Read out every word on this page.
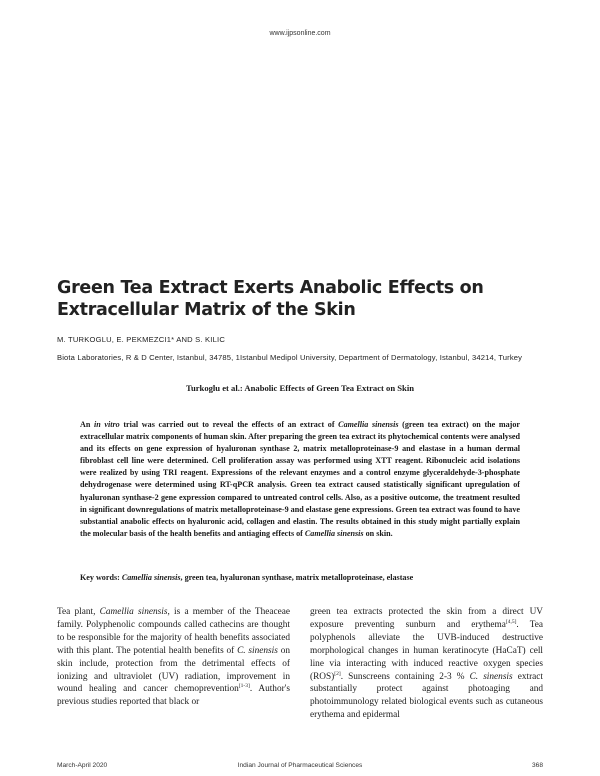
www.ijpsonline.com
Green Tea Extract Exerts Anabolic Effects on Extracellular Matrix of the Skin
M. TURKOGLU, E. PEKMEZCI1* AND S. KILIC
Biota Laboratories, R & D Center, Istanbul, 34785, 1Istanbul Medipol University, Department of Dermatology, Istanbul, 34214, Turkey
Turkoglu et al.: Anabolic Effects of Green Tea Extract on Skin
An in vitro trial was carried out to reveal the effects of an extract of Camellia sinensis (green tea extract) on the major extracellular matrix components of human skin. After preparing the green tea extract its phytochemical contents were analysed and its effects on gene expression of hyaluronan synthase 2, matrix metalloproteinase-9 and elastase in a human dermal fibroblast cell line were determined. Cell proliferation assay was performed using XTT reagent. Ribonucleic acid isolations were realized by using TRI reagent. Expressions of the relevant enzymes and a control enzyme glyceraldehyde-3-phosphate dehydrogenase were determined using RT-qPCR analysis. Green tea extract caused statistically significant upregulation of hyaluronan synthase-2 gene expression compared to untreated control cells. Also, as a positive outcome, the treatment resulted in significant downregulations of matrix metalloproteinase-9 and elastase gene expressions. Green tea extract was found to have substantial anabolic effects on hyaluronic acid, collagen and elastin. The results obtained in this study might partially explain the molecular basis of the health benefits and antiaging effects of Camellia sinensis on skin.
Key words: Camellia sinensis, green tea, hyaluronan synthase, matrix metalloproteinase, elastase
Tea plant, Camellia sinensis, is a member of the Theaceae family. Polyphenolic compounds called cathecins are thought to be responsible for the majority of health benefits associated with this plant. The potential health benefits of C. sinensis on skin include, protection from the detrimental effects of ionizing and ultraviolet (UV) radiation, improvement in wound healing and cancer chemoprevention[1-3]. Author's previous studies reported that black or
green tea extracts protected the skin from a direct UV exposure preventing sunburn and erythema[4,5]. Tea polyphenols alleviate the UVB-induced destructive morphological changes in human keratinocyte (HaCaT) cell line via interacting with induced reactive oxygen species (ROS)[2]. Sunscreens containing 2-3 % C. sinensis extract substantially protect against photoaging and photoimmunology related biological events such as cutaneous erythema and epidermal
March-April 2020	Indian Journal of Pharmaceutical Sciences	368
